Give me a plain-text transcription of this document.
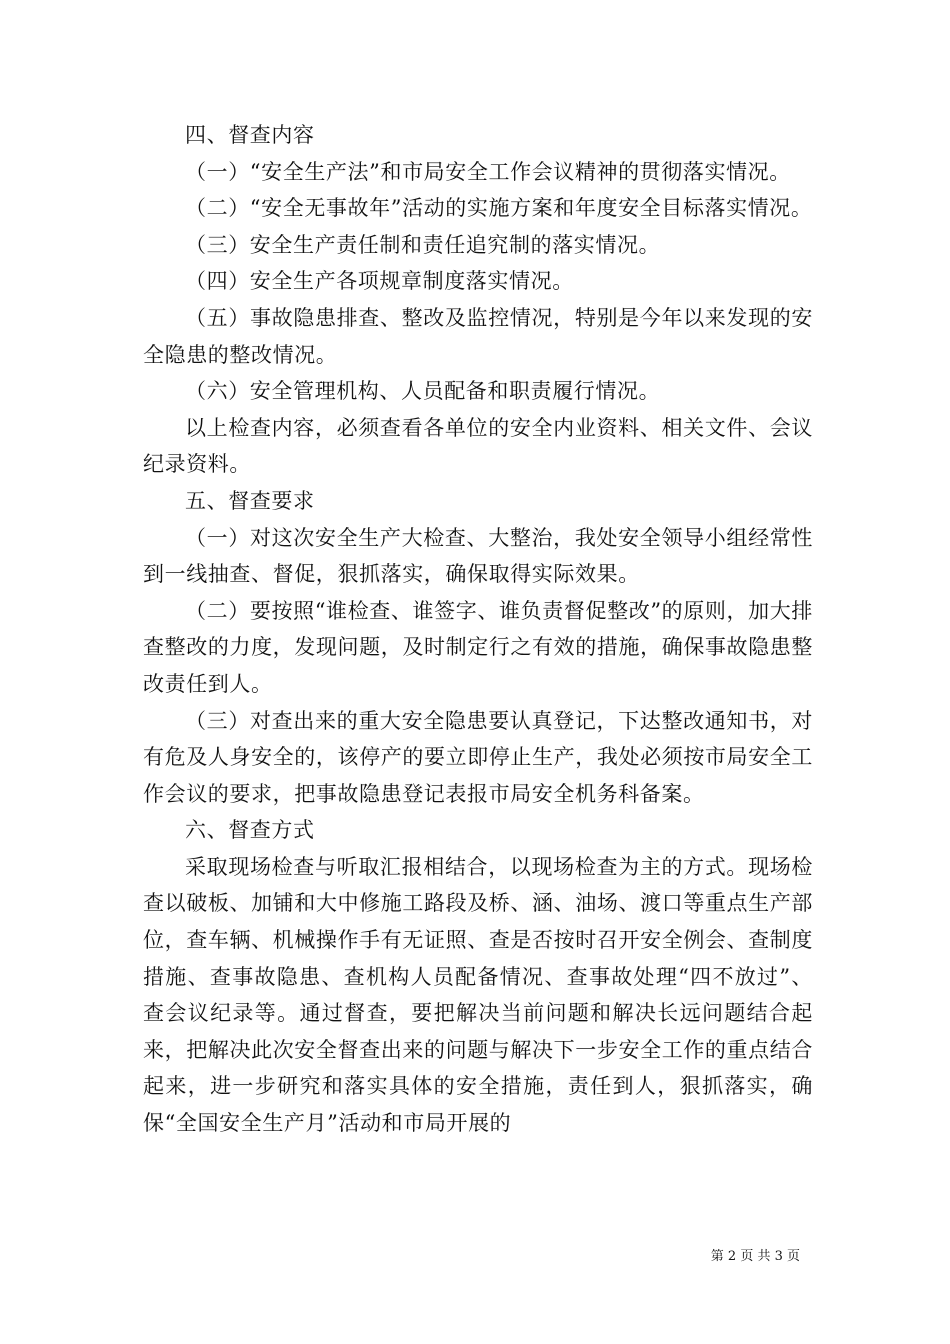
四、督查内容

（一）“安全生产法”和市局安全工作会议精神的贯彻落实情况。

（二）“安全无事故年”活动的实施方案和年度安全目标落实情况。

（三）安全生产责任制和责任追究制的落实情况。

（四）安全生产各项规章制度落实情况。

（五）事故隐患排查、整改及监控情况，特别是今年以来发现的安全隐患的整改情况。

（六）安全管理机构、人员配备和职责履行情况。

以上检查内容，必须查看各单位的安全内业资料、相关文件、会议纪录资料。

五、督查要求

（一）对这次安全生产大检查、大整治，我处安全领导小组经常性到一线抽查、督促，狠抓落实，确保取得实际效果。

（二）要按照“谁检查、谁签字、谁负责督促整改”的原则，加大排查整改的力度，发现问题，及时制定行之有效的措施，确保事故隐患整改责任到人。

（三）对查出来的重大安全隐患要认真登记，下达整改通知书，对有危及人身安全的，该停产的要立即停止生产，我处必须按市局安全工作会议的要求，把事故隐患登记表报市局安全机务科备案。

六、督查方式

采取现场检查与听取汇报相结合，以现场检查为主的方式。现场检查以破板、加铺和大中修施工路段及桥、涵、油场、渡口等重点生产部位，查车辆、机械操作手有无证照、查是否按时召开安全例会、查制度措施、查事故隐患、查机构人员配备情况、查事故处理“四不放过”、查会议纪录等。通过督查，要把解决当前问题和解决长远问题结合起来，把解决此次安全督查出来的问题与解决下一步安全工作的重点结合起来，进一步研究和落实具体的安全措施，责任到人，狠抓落实，确保“全国安全生产月”活动和市局开展的

第 2 页 共 3 页
